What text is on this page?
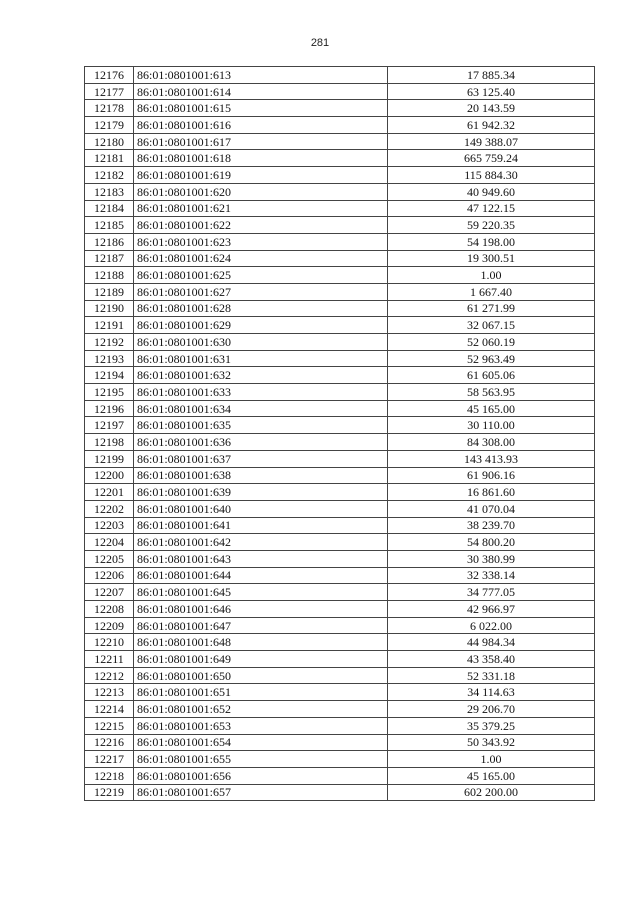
281
12176	86:01:0801001:613	17 885.34
12177	86:01:0801001:614	63 125.40
12178	86:01:0801001:615	20 143.59
12179	86:01:0801001:616	61 942.32
12180	86:01:0801001:617	149 388.07
12181	86:01:0801001:618	665 759.24
12182	86:01:0801001:619	115 884.30
12183	86:01:0801001:620	40 949.60
12184	86:01:0801001:621	47 122.15
12185	86:01:0801001:622	59 220.35
12186	86:01:0801001:623	54 198.00
12187	86:01:0801001:624	19 300.51
12188	86:01:0801001:625	1.00
12189	86:01:0801001:627	1 667.40
12190	86:01:0801001:628	61 271.99
12191	86:01:0801001:629	32 067.15
12192	86:01:0801001:630	52 060.19
12193	86:01:0801001:631	52 963.49
12194	86:01:0801001:632	61 605.06
12195	86:01:0801001:633	58 563.95
12196	86:01:0801001:634	45 165.00
12197	86:01:0801001:635	30 110.00
12198	86:01:0801001:636	84 308.00
12199	86:01:0801001:637	143 413.93
12200	86:01:0801001:638	61 906.16
12201	86:01:0801001:639	16 861.60
12202	86:01:0801001:640	41 070.04
12203	86:01:0801001:641	38 239.70
12204	86:01:0801001:642	54 800.20
12205	86:01:0801001:643	30 380.99
12206	86:01:0801001:644	32 338.14
12207	86:01:0801001:645	34 777.05
12208	86:01:0801001:646	42 966.97
12209	86:01:0801001:647	6 022.00
12210	86:01:0801001:648	44 984.34
12211	86:01:0801001:649	43 358.40
12212	86:01:0801001:650	52 331.18
12213	86:01:0801001:651	34 114.63
12214	86:01:0801001:652	29 206.70
12215	86:01:0801001:653	35 379.25
12216	86:01:0801001:654	50 343.92
12217	86:01:0801001:655	1.00
12218	86:01:0801001:656	45 165.00
12219	86:01:0801001:657	602 200.00
